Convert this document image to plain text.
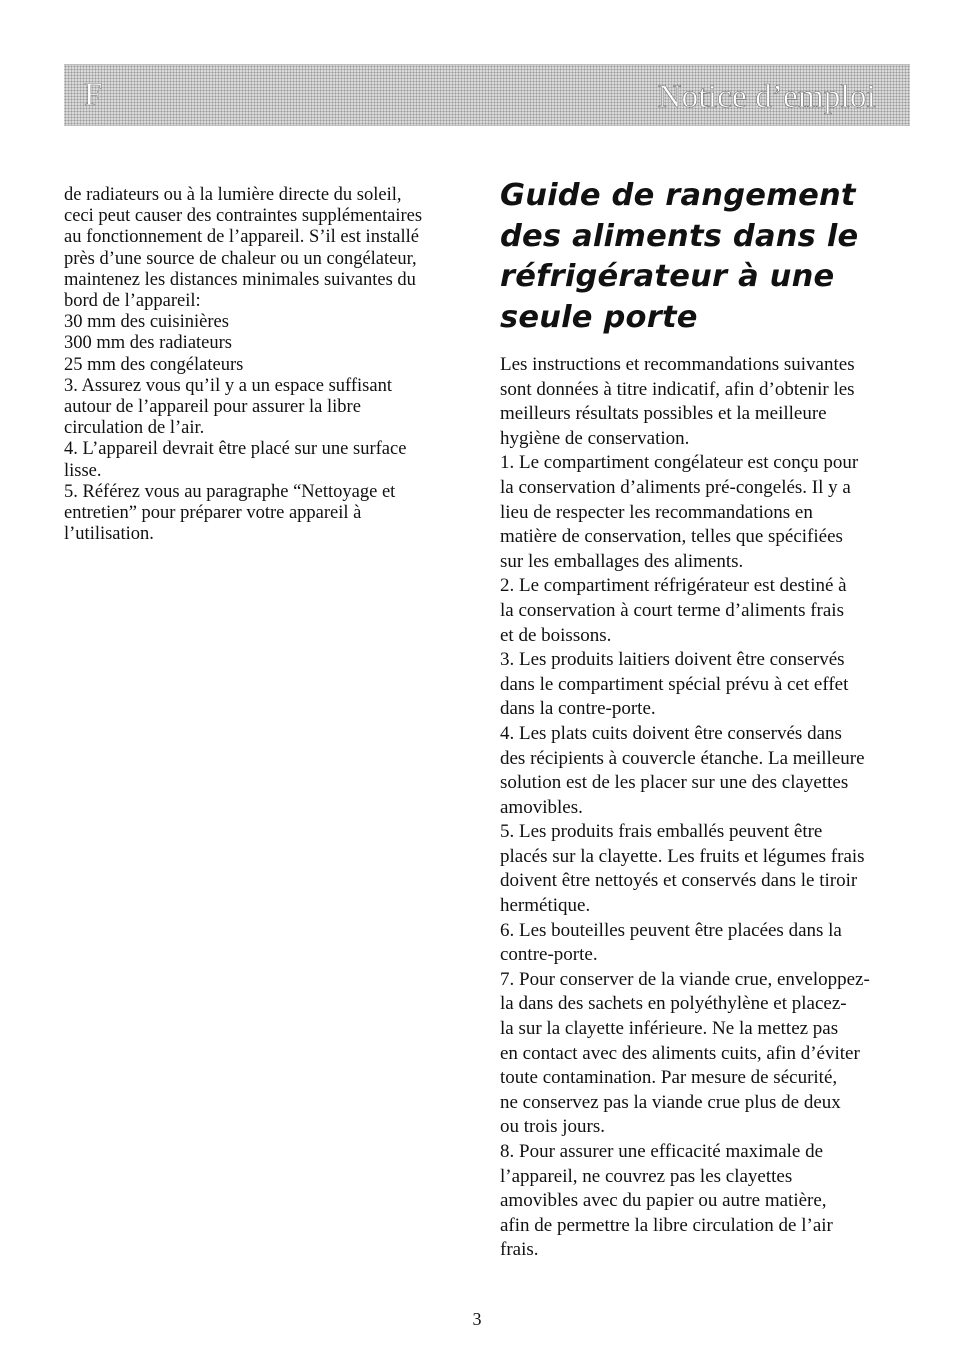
F	Notice d’emploi
de radiateurs ou à la lumière directe du soleil,
ceci peut causer des contraintes supplémentaires
au fonctionnement de l’appareil. S’il est installé
près d’une source de chaleur ou un congélateur,
maintenez les distances minimales suivantes du
bord de l’appareil:
30 mm des cuisinières
300 mm des radiateurs
25 mm des congélateurs
3. Assurez vous qu’il y a un espace suffisant
autour de l’appareil pour assurer la libre
circulation de l’air.
4. L’appareil devrait être placé sur une surface
lisse.
5. Référez vous au paragraphe “Nettoyage et
entretien” pour préparer votre appareil à
l’utilisation.
Guide de rangement
des aliments dans le
réfrigérateur à une
seule porte
Les instructions et recommandations suivantes
sont données à titre indicatif, afin d’obtenir les
meilleurs résultats possibles et la meilleure
hygiène de conservation.
1. Le compartiment congélateur est conçu pour
la conservation d’aliments pré-congelés. Il y a
lieu de respecter les recommandations en
matière de conservation, telles que spécifiées
sur les emballages des aliments.
2. Le compartiment réfrigérateur est destiné à
la conservation à court terme d’aliments frais
et de boissons.
3. Les produits laitiers doivent être conservés
dans le compartiment spécial prévu à cet effet
dans la contre-porte.
4. Les plats cuits doivent être conservés dans
des récipients à couvercle étanche. La meilleure
solution est de les placer sur une des clayettes
amovibles.
5. Les produits frais emballés peuvent être
placés sur la clayette. Les fruits et légumes frais
doivent être nettoyés et conservés dans le tiroir
hermétique.
6. Les bouteilles peuvent être placées dans la
contre-porte.
7. Pour conserver de la viande crue, enveloppez-
la dans des sachets en polyéthylène et placez-
la sur la clayette inférieure. Ne la mettez pas
en contact avec des aliments cuits, afin d’éviter
toute contamination. Par mesure de sécurité,
ne conservez pas la viande crue plus de deux
ou trois jours.
8. Pour assurer une efficacité maximale de
l’appareil, ne couvrez pas les clayettes
amovibles avec du papier ou autre matière,
afin de permettre la libre circulation de l’air
frais.
3
